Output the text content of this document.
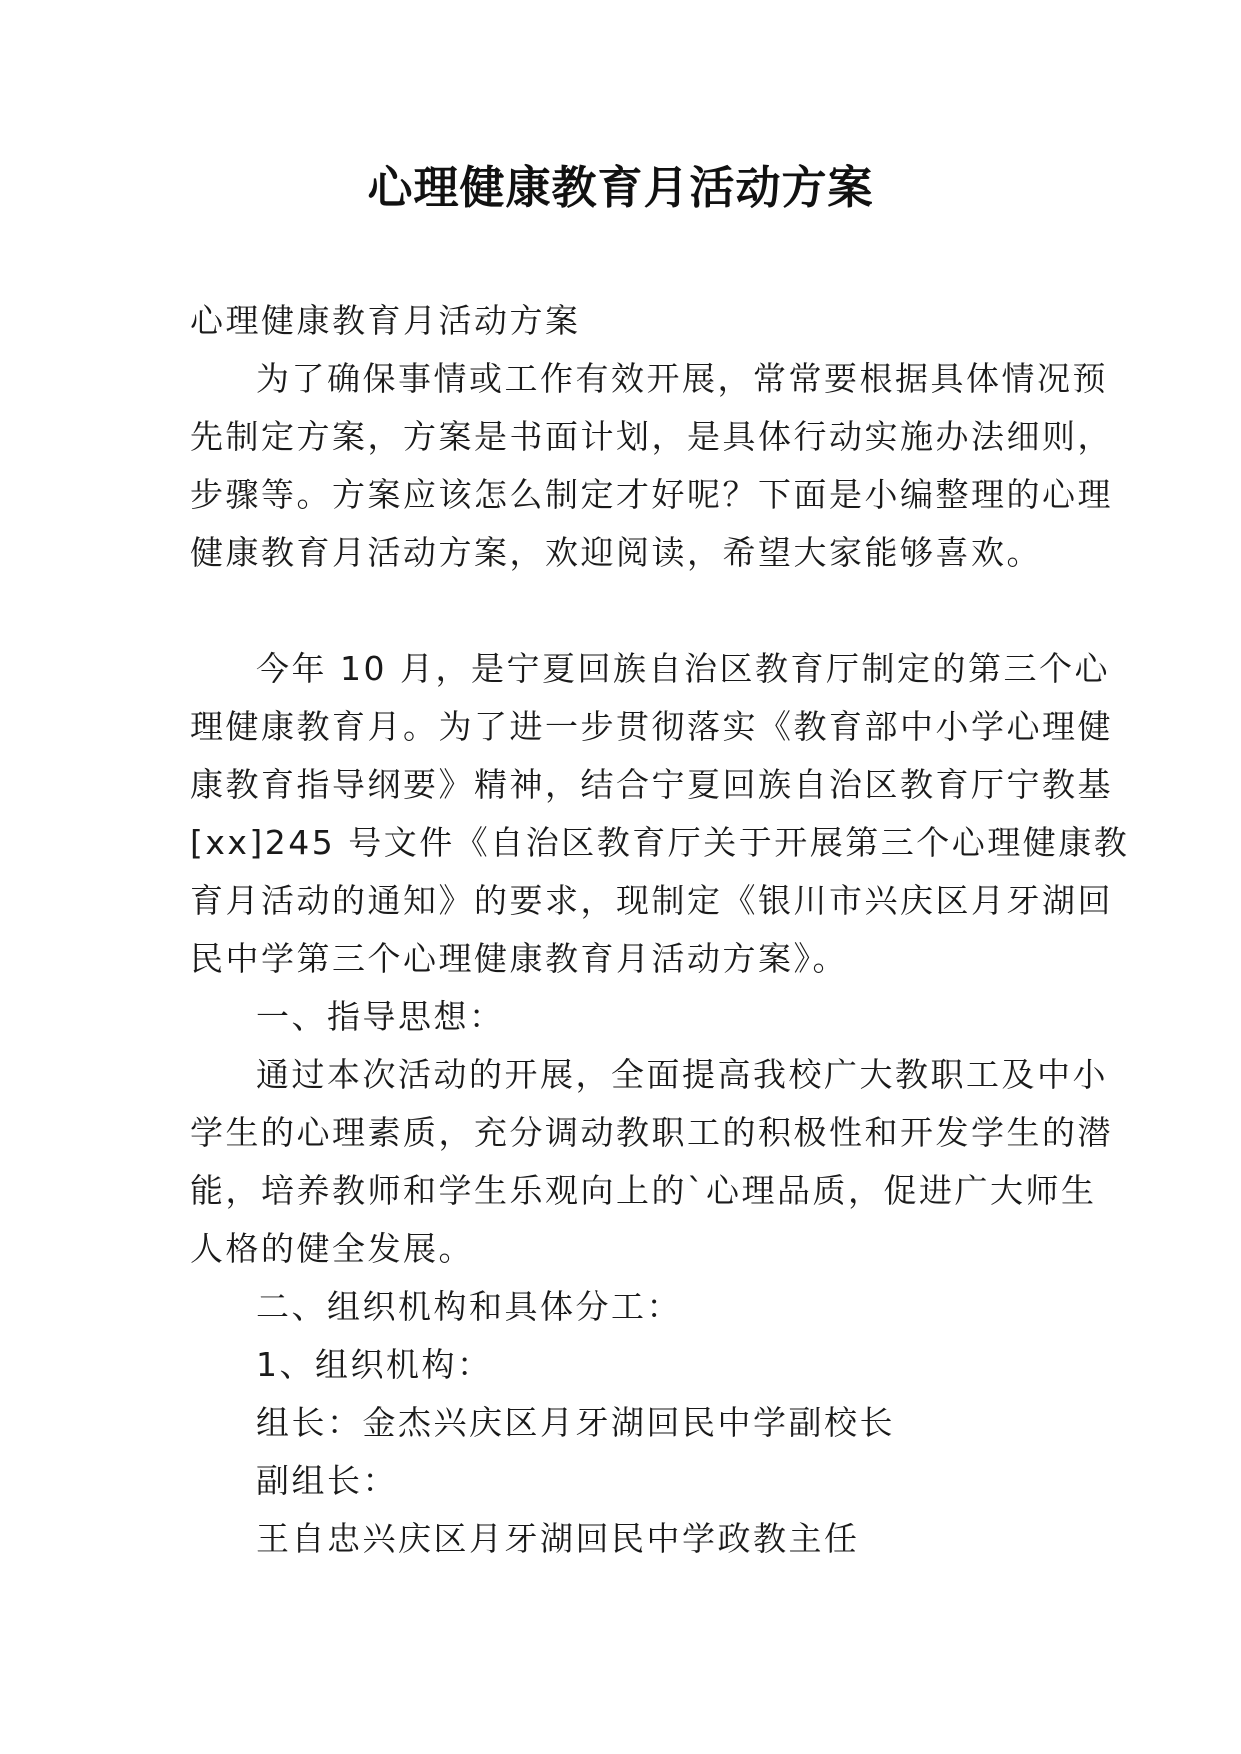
心理健康教育月活动方案
心理健康教育月活动方案
为了确保事情或工作有效开展，常常要根据具体情况预
先制定方案，方案是书面计划，是具体行动实施办法细则，
步骤等。方案应该怎么制定才好呢？下面是小编整理的心理
健康教育月活动方案，欢迎阅读，希望大家能够喜欢。
今年 10 月，是宁夏回族自治区教育厅制定的第三个心
理健康教育月。为了进一步贯彻落实《教育部中小学心理健
康教育指导纲要》精神，结合宁夏回族自治区教育厅宁教基
[xx]245 号文件《自治区教育厅关于开展第三个心理健康教
育月活动的通知》的要求，现制定《银川市兴庆区月牙湖回
民中学第三个心理健康教育月活动方案》。
一、指导思想：
通过本次活动的开展，全面提高我校广大教职工及中小
学生的心理素质，充分调动教职工的积极性和开发学生的潜
能，培养教师和学生乐观向上的`心理品质，促进广大师生
人格的健全发展。
二、组织机构和具体分工：
1、组织机构：
组长：金杰兴庆区月牙湖回民中学副校长
副组长：
王自忠兴庆区月牙湖回民中学政教主任
